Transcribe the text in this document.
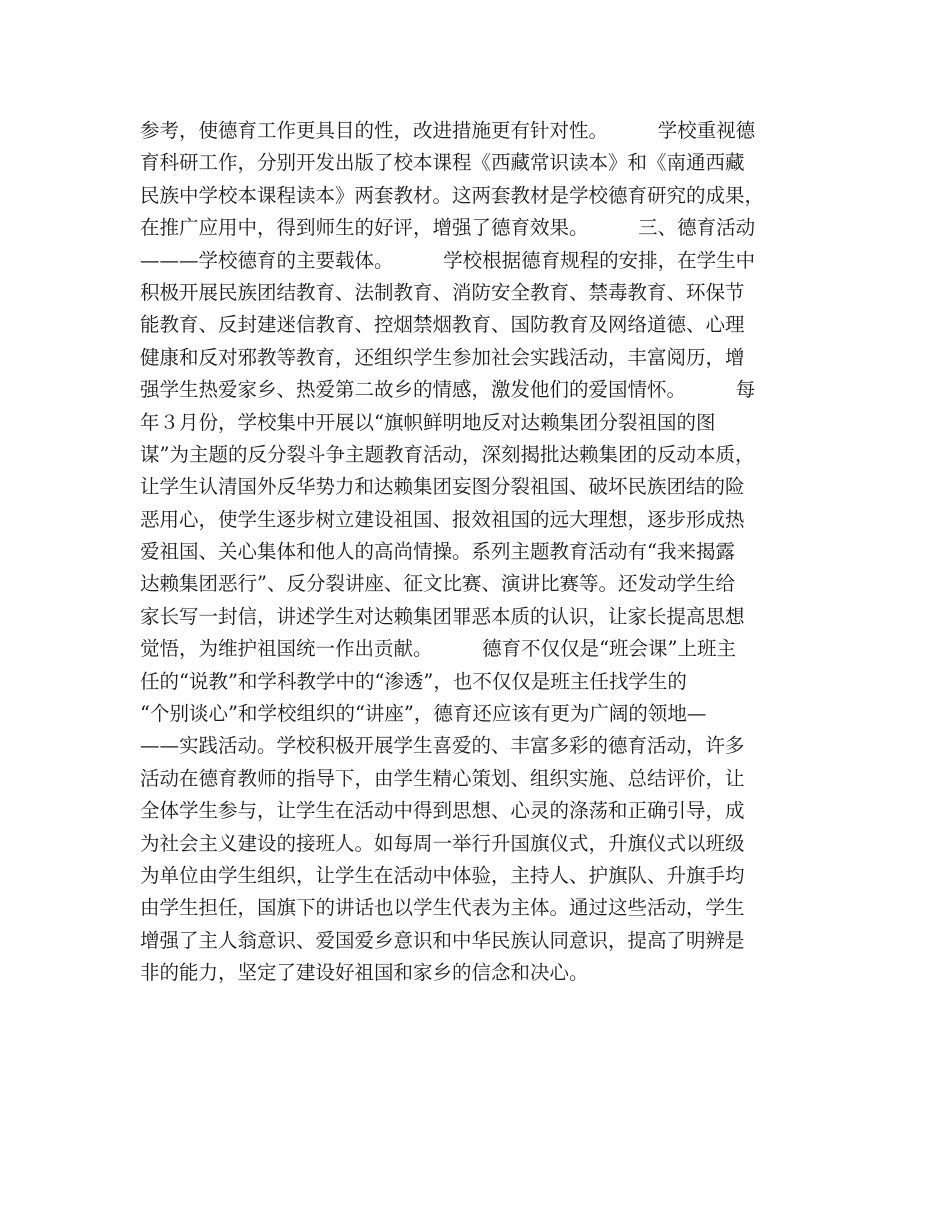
参考，使德育工作更具目的性，改进措施更有针对性。        学校重视德
育科研工作，分别开发出版了校本课程《西藏常识读本》和《南通西藏
民族中学校本课程读本》两套教材。这两套教材是学校德育研究的成果，
在推广应用中，得到师生的好评，增强了德育效果。        三、德育活动
———学校德育的主要载体。        学校根据德育规程的安排，在学生中
积极开展民族团结教育、法制教育、消防安全教育、禁毒教育、环保节
能教育、反封建迷信教育、控烟禁烟教育、国防教育及网络道德、心理
健康和反对邪教等教育，还组织学生参加社会实践活动，丰富阅历，增
强学生热爱家乡、热爱第二故乡的情感，激发他们的爱国情怀。        每
年３月份，学校集中开展以“旗帜鲜明地反对达赖集团分裂祖国的图
谋”为主题的反分裂斗争主题教育活动，深刻揭批达赖集团的反动本质，
让学生认清国外反华势力和达赖集团妄图分裂祖国、破坏民族团结的险
恶用心，使学生逐步树立建设祖国、报效祖国的远大理想，逐步形成热
爱祖国、关心集体和他人的高尚情操。系列主题教育活动有“我来揭露
达赖集团恶行”、反分裂讲座、征文比赛、演讲比赛等。还发动学生给
家长写一封信，讲述学生对达赖集团罪恶本质的认识，让家长提高思想
觉悟，为维护祖国统一作出贡献。        德育不仅仅是“班会课”上班主
任的“说教”和学科教学中的“渗透”，也不仅仅是班主任找学生的
“个别谈心”和学校组织的“讲座”，德育还应该有更为广阔的领地—
——实践活动。学校积极开展学生喜爱的、丰富多彩的德育活动，许多
活动在德育教师的指导下，由学生精心策划、组织实施、总结评价，让
全体学生参与，让学生在活动中得到思想、心灵的涤荡和正确引导，成
为社会主义建设的接班人。如每周一举行升国旗仪式，升旗仪式以班级
为单位由学生组织，让学生在活动中体验，主持人、护旗队、升旗手均
由学生担任，国旗下的讲话也以学生代表为主体。通过这些活动，学生
增强了主人翁意识、爱国爱乡意识和中华民族认同意识，提高了明辨是
非的能力，坚定了建设好祖国和家乡的信念和决心。
